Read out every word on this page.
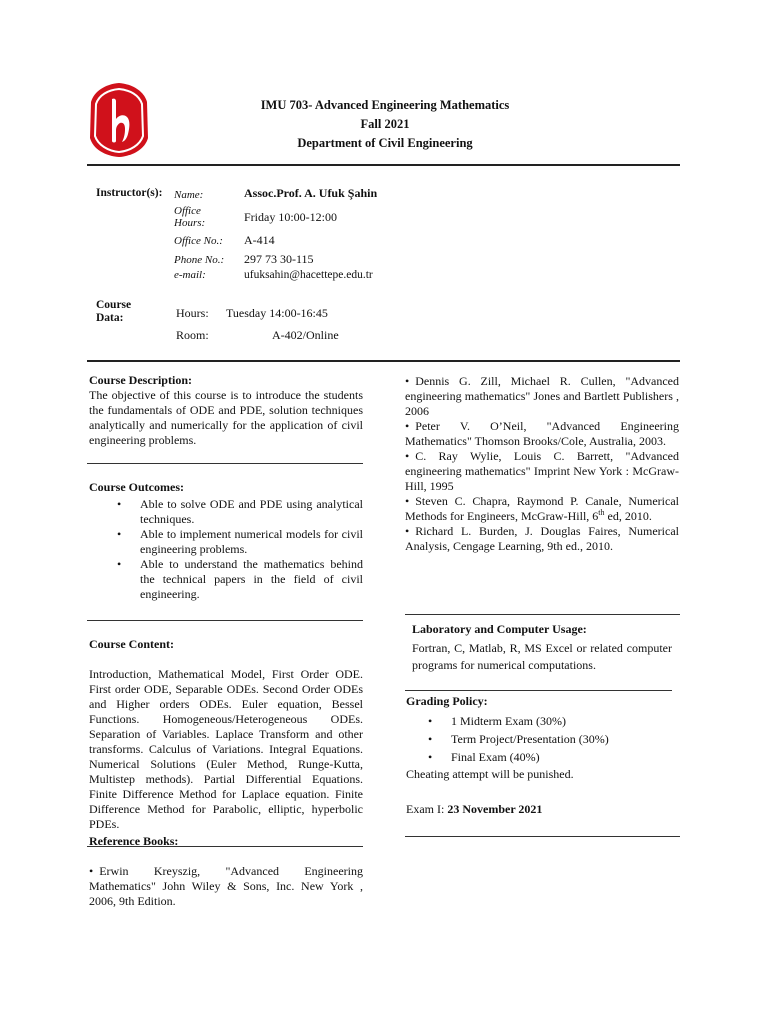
IMU 703- Advanced Engineering Mathematics
Fall 2021
Department of Civil Engineering
Instructor(s): Name:	Assoc.Prof. A. Ufuk Şahin
Office Hours:	Friday 10:00-12:00
Office No.: A-414
Phone No.: 297 73 30-115
e-mail:	ufuksahin@hacettepe.edu.tr
Course Data:	Hours: Tuesday 14:00-16:45
Room:	A-402/Online

Course Description:

The objective of this course is to introduce the students the fundamentals of ODE and PDE, solution techniques analytically and numerically for the application of civil engineering problems.

Course Outcomes:

• Able to solve ODE and PDE using analytical techniques.
• Able to implement numerical models for civil engineering problems.
• Able to understand the mathematics behind the technical papers in the field of civil engineering.

Course Content:

Introduction, Mathematical Model, First Order ODE. First order ODE, Separable ODEs. Second Order ODEs and Higher orders ODEs. Euler equation, Bessel Functions. Homogeneous/Heterogeneous ODEs. Separation of Variables. Laplace Transform and other transforms. Calculus of Variations. Integral Equations. Numerical Solutions (Euler Method, Runge-Kutta, Multistep methods). Partial Differential Equations. Finite Difference Method for Laplace equation. Finite Difference Method for Parabolic, elliptic, hyperbolic PDEs.

Reference Books:

• Erwin Kreyszig, "Advanced Engineering Mathematics" John Wiley & Sons, Inc. New York , 2006, 9th Edition.

• Dennis G. Zill, Michael R. Cullen, "Advanced engineering mathematics" Jones and Bartlett Publishers , 2006

• Peter V. O’Neil, "Advanced Engineering Mathematics" Thomson Brooks/Cole, Australia, 2003.

• C. Ray Wylie, Louis C. Barrett, "Advanced engineering mathematics" Imprint New York : McGraw-Hill, 1995

• Steven C. Chapra, Raymond P. Canale, Numerical Methods for Engineers, McGraw-Hill, 6th ed, 2010.

• Richard L. Burden, J. Douglas Faires, Numerical Analysis, Cengage Learning, 9th ed., 2010.

Laboratory and Computer Usage:

Fortran, C, Matlab, R, MS Excel or related computer programs for numerical computations.

Grading Policy:

• 1 Midterm Exam (30%)
• Term Project/Presentation (30%)
• Final Exam (40%)

Cheating attempt will be punished.

Exam I: 23 November 2021
